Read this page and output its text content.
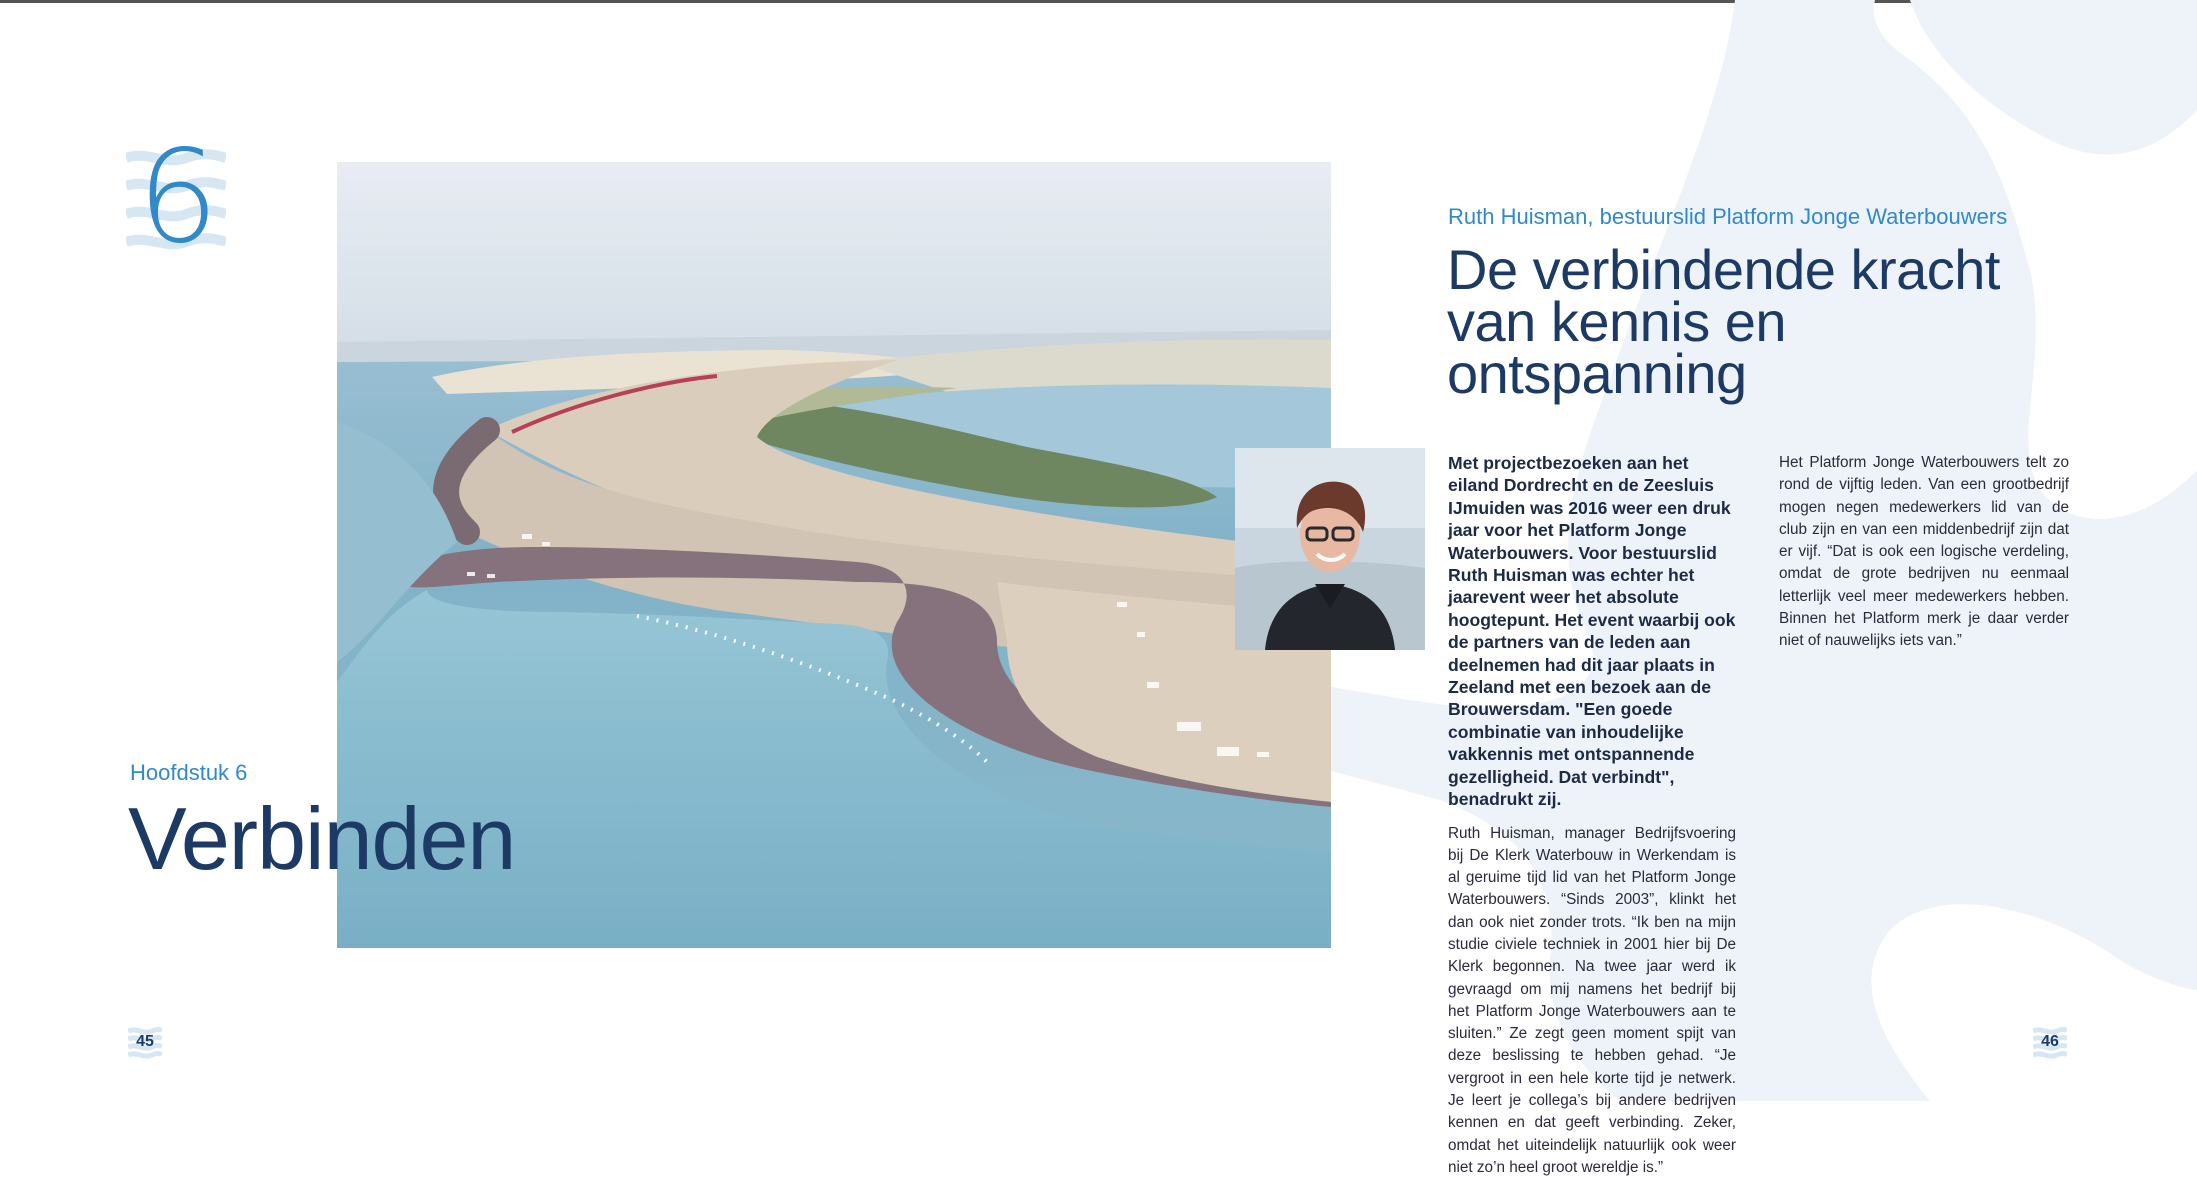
6
Hoofdstuk 6
Verbinden
Ruth Huisman, bestuurslid Platform Jonge Waterbouwers
De verbindende kracht van kennis en ontspanning

Met projectbezoeken aan het eiland Dordrecht en de Zeesluis IJmuiden was 2016 weer een druk jaar voor het Platform Jonge Waterbouwers. Voor bestuurslid Ruth Huisman was echter het jaarevent weer het absolute hoogtepunt. Het event waarbij ook de partners van de leden aan deelnemen had dit jaar plaats in Zeeland met een bezoek aan de Brouwersdam. "Een goede combinatie van inhoudelijke vakkennis met ontspannende gezelligheid. Dat verbindt", benadrukt zij.

Ruth Huisman, manager Bedrijfsvoering bij De Klerk Waterbouw in Werkendam is al geruime tijd lid van het Platform Jonge Waterbouwers. “Sinds 2003”, klinkt het dan ook niet zonder trots. “Ik ben na mijn studie civiele techniek in 2001 hier bij De Klerk begonnen. Na twee jaar werd ik gevraagd om mij namens het bedrijf bij het Platform Jonge Waterbouwers aan te sluiten.” Ze zegt geen moment spijt van deze beslissing te hebben gehad. “Je vergroot in een hele korte tijd je netwerk. Je leert je collega’s bij andere bedrijven kennen en dat geeft verbinding. Zeker, omdat het uiteindelijk natuurlijk ook weer niet zo’n heel groot wereldje is.”

Het Platform Jonge Waterbouwers telt zo rond de vijftig leden. Van een grootbedrijf mogen negen medewerkers lid van de club zijn en van een middenbedrijf zijn dat er vijf. “Dat is ook een logische verdeling, omdat de grote bedrijven nu eenmaal letterlijk veel meer medewerkers hebben. Binnen het Platform merk je daar verder niet of nauwelijks iets van.”

45	46
